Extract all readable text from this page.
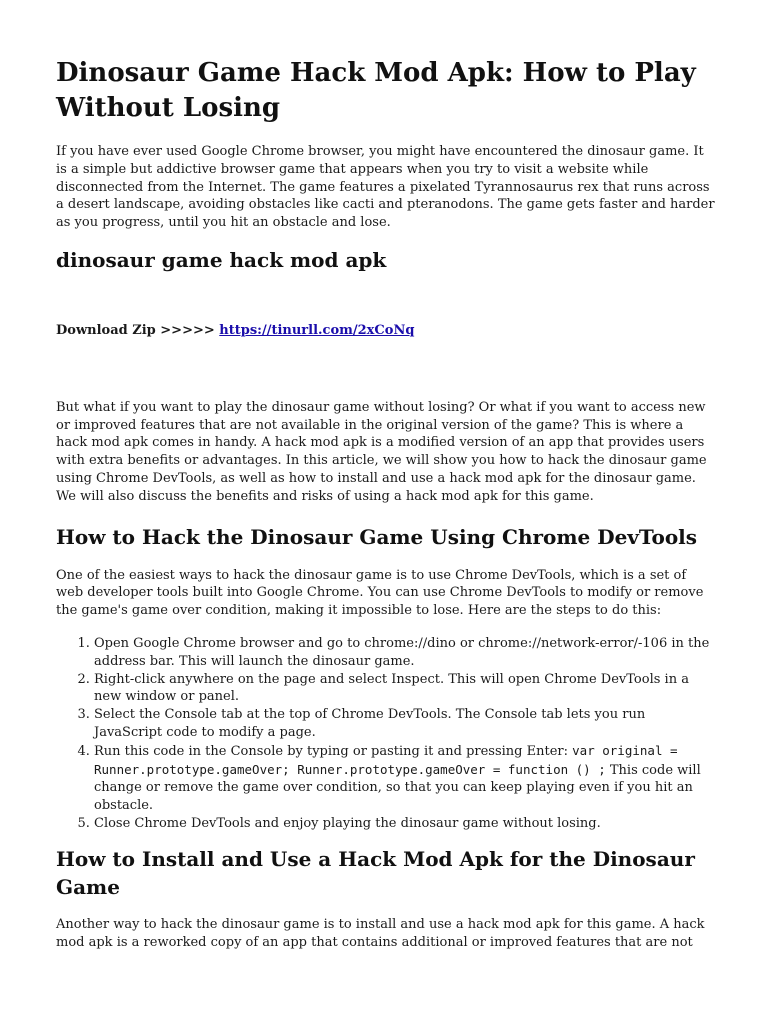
Dinosaur Game Hack Mod Apk: How to Play Without Losing

If you have ever used Google Chrome browser, you might have encountered the dinosaur game. It is a simple but addictive browser game that appears when you try to visit a website while disconnected from the Internet. The game features a pixelated Tyrannosaurus rex that runs across a desert landscape, avoiding obstacles like cacti and pteranodons. The game gets faster and harder as you progress, until you hit an obstacle and lose.

dinosaur game hack mod apk

Download Zip >>>>> https://tinurll.com/2xCoNq

But what if you want to play the dinosaur game without losing? Or what if you want to access new or improved features that are not available in the original version of the game? This is where a hack mod apk comes in handy. A hack mod apk is a modified version of an app that provides users with extra benefits or advantages. In this article, we will show you how to hack the dinosaur game using Chrome DevTools, as well as how to install and use a hack mod apk for the dinosaur game. We will also discuss the benefits and risks of using a hack mod apk for this game.

How to Hack the Dinosaur Game Using Chrome DevTools

One of the easiest ways to hack the dinosaur game is to use Chrome DevTools, which is a set of web developer tools built into Google Chrome. You can use Chrome DevTools to modify or remove the game's game over condition, making it impossible to lose. Here are the steps to do this:

1. Open Google Chrome browser and go to chrome://dino or chrome://network-error/-106 in the address bar. This will launch the dinosaur game.
2. Right-click anywhere on the page and select Inspect. This will open Chrome DevTools in a new window or panel.
3. Select the Console tab at the top of Chrome DevTools. The Console tab lets you run JavaScript code to modify a page.
4. Run this code in the Console by typing or pasting it and pressing Enter: var original = Runner.prototype.gameOver; Runner.prototype.gameOver = function () ; This code will change or remove the game over condition, so that you can keep playing even if you hit an obstacle.
5. Close Chrome DevTools and enjoy playing the dinosaur game without losing.
How to Install and Use a Hack Mod Apk for the Dinosaur Game

Another way to hack the dinosaur game is to install and use a hack mod apk for this game. A hack mod apk is a reworked copy of an app that contains additional or improved features that are not
